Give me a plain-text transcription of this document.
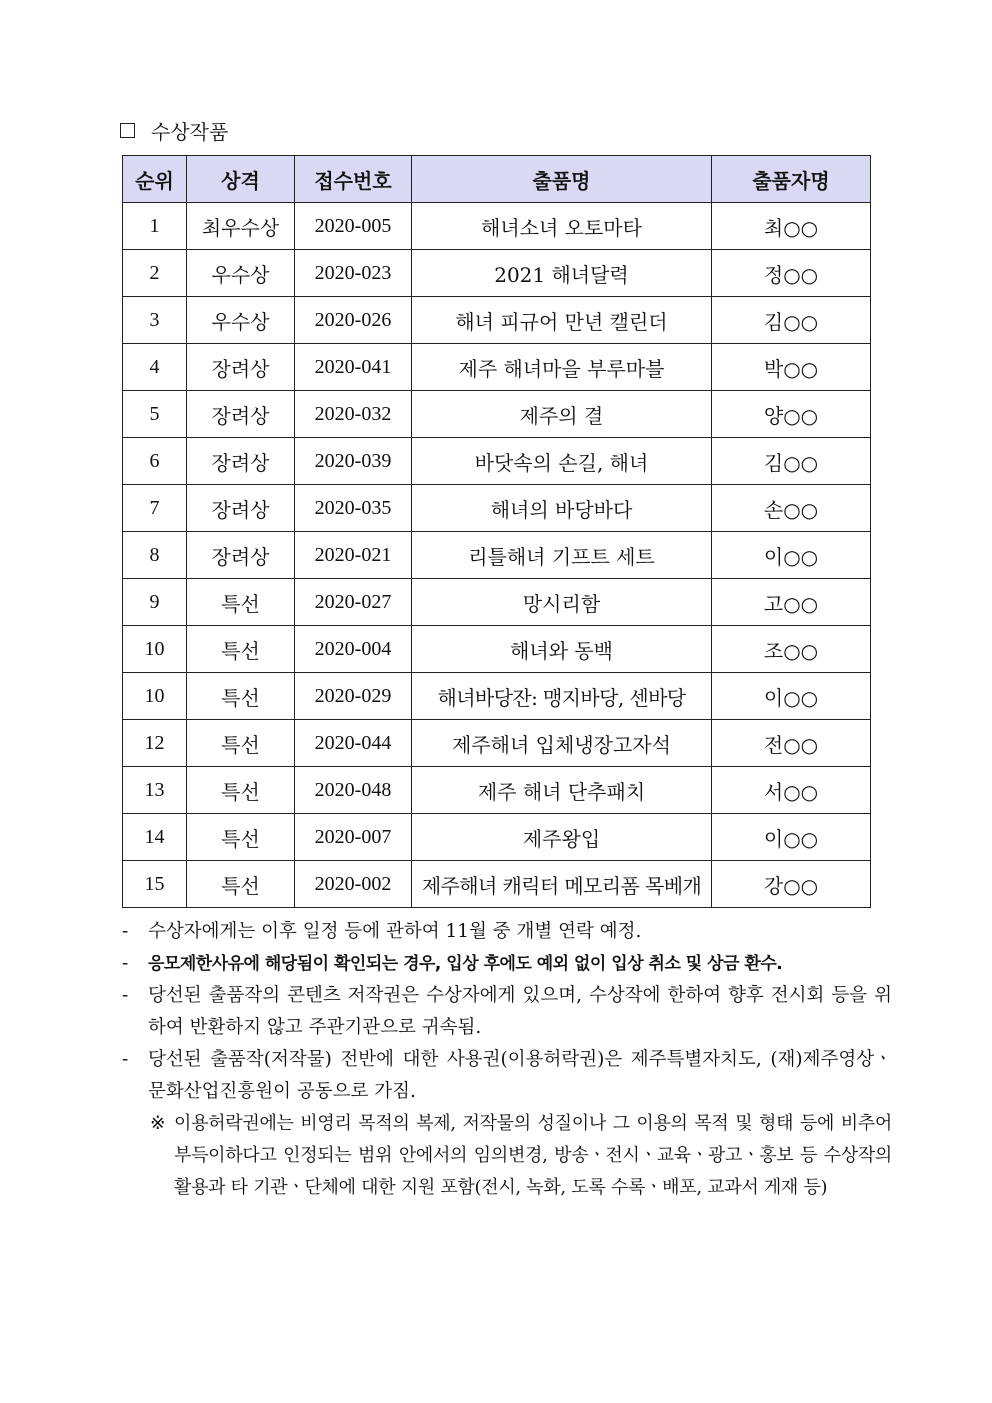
수상작품
순위	상격	접수번호	출품명	출품자명
1	최우수상	2020-005	해녀소녀 오토마타	최○○
2	우수상	2020-023	2021 해녀달력	정○○
3	우수상	2020-026	해녀 피규어 만년 캘린더	김○○
4	장려상	2020-041	제주 해녀마을 부루마블	박○○
5	장려상	2020-032	제주의 결	양○○
6	장려상	2020-039	바닷속의 손길, 해녀	김○○
7	장려상	2020-035	해녀의 바당바다	손○○
8	장려상	2020-021	리틀해녀 기프트 세트	이○○
9	특선	2020-027	망시리함	고○○
10	특선	2020-004	해녀와 동백	조○○
10	특선	2020-029	해녀바당잔: 맹지바당, 센바당	이○○
12	특선	2020-044	제주해녀 입체냉장고자석	전○○
13	특선	2020-048	제주 해녀 단추패치	서○○
14	특선	2020-007	제주왕입	이○○
15	특선	2020-002	제주해녀 캐릭터 메모리폼 목베개	강○○
-	수상자에게는 이후 일정 등에 관하여 11월 중 개별 연락 예정.
-	응모제한사유에 해당됨이 확인되는 경우, 입상 후에도 예외 없이 입상 취소 및 상금 환수.
-	당선된 출품작의 콘텐츠 저작권은 수상자에게 있으며, 수상작에 한하여 향후 전시회 등을 위하여 반환하지 않고 주관기관으로 귀속됨.
-	당선된 출품작(저작물) 전반에 대한 사용권(이용허락권)은 제주특별자치도, (재)제주영상ㆍ문화산업진흥원이 공동으로 가짐.
※ 이용허락권에는 비영리 목적의 복제, 저작물의 성질이나 그 이용의 목적 및 형태 등에 비추어 부득이하다고 인정되는 범위 안에서의 임의변경, 방송ㆍ전시ㆍ교육ㆍ광고ㆍ홍보 등 수상작의 활용과 타 기관ㆍ단체에 대한 지원 포함(전시, 녹화, 도록 수록ㆍ배포, 교과서 게재 등)
